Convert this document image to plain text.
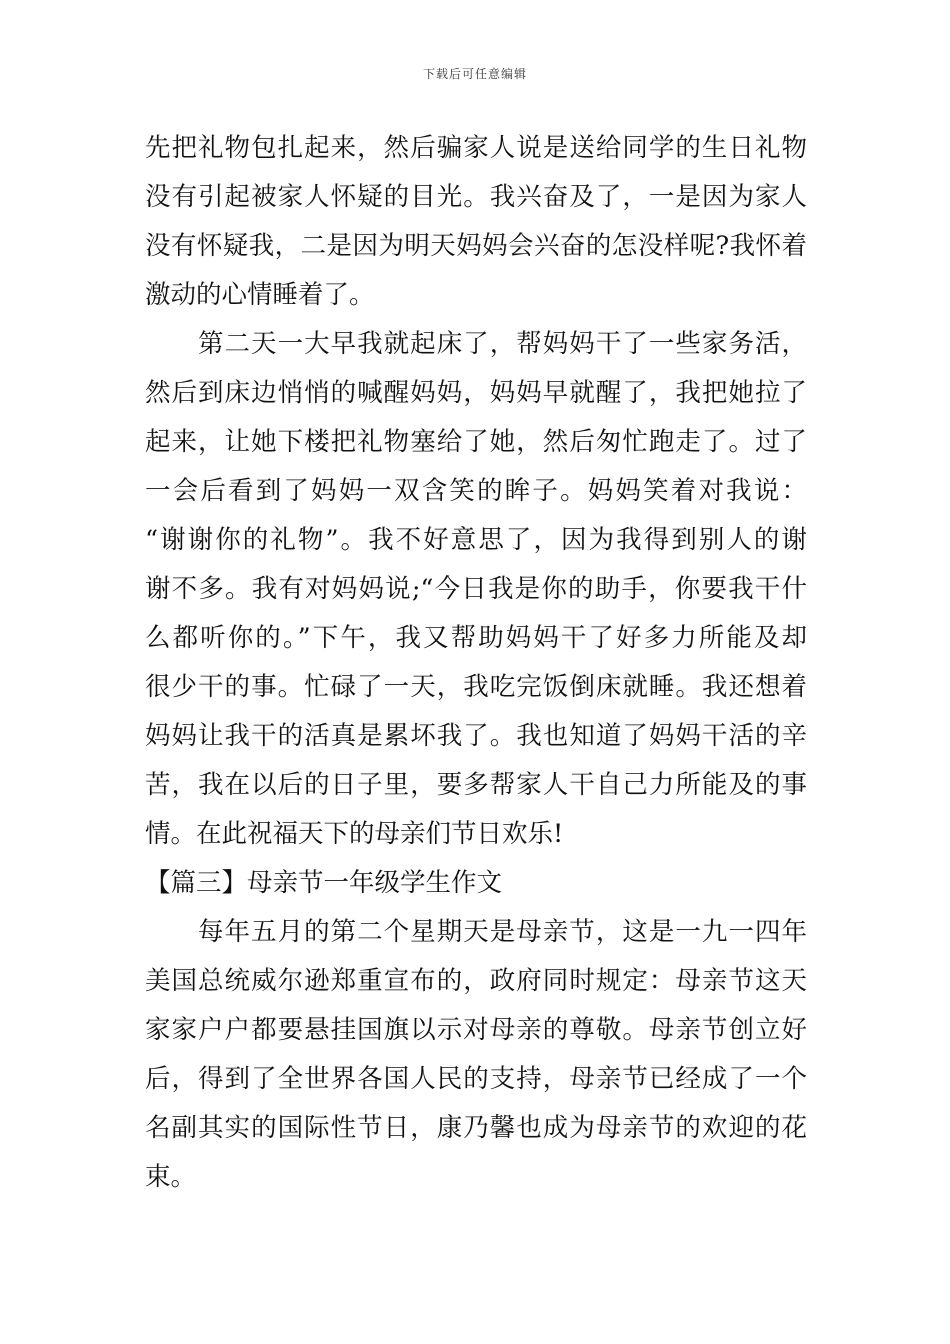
下载后可任意编辑
先把礼物包扎起来，然后骗家人说是送给同学的生日礼物
没有引起被家人怀疑的目光。我兴奋及了，一是因为家人
没有怀疑我，二是因为明天妈妈会兴奋的怎没样呢?我怀着
激动的心情睡着了。
第二天一大早我就起床了，帮妈妈干了一些家务活，
然后到床边悄悄的喊醒妈妈，妈妈早就醒了，我把她拉了
起来，让她下楼把礼物塞给了她，然后匆忙跑走了。过了
一会后看到了妈妈一双含笑的眸子。妈妈笑着对我说：
“谢谢你的礼物”。我不好意思了，因为我得到别人的谢
谢不多。我有对妈妈说;“今日我是你的助手，你要我干什
么都听你的。”下午，我又帮助妈妈干了好多力所能及却
很少干的事。忙碌了一天，我吃完饭倒床就睡。我还想着
妈妈让我干的活真是累坏我了。我也知道了妈妈干活的辛
苦，我在以后的日子里，要多帮家人干自己力所能及的事
情。在此祝福天下的母亲们节日欢乐!
【篇三】母亲节一年级学生作文
每年五月的第二个星期天是母亲节，这是一九一四年
美国总统威尔逊郑重宣布的，政府同时规定：母亲节这天
家家户户都要悬挂国旗以示对母亲的尊敬。母亲节创立好
后，得到了全世界各国人民的支持，母亲节已经成了一个
名副其实的国际性节日，康乃馨也成为母亲节的欢迎的花
束。
